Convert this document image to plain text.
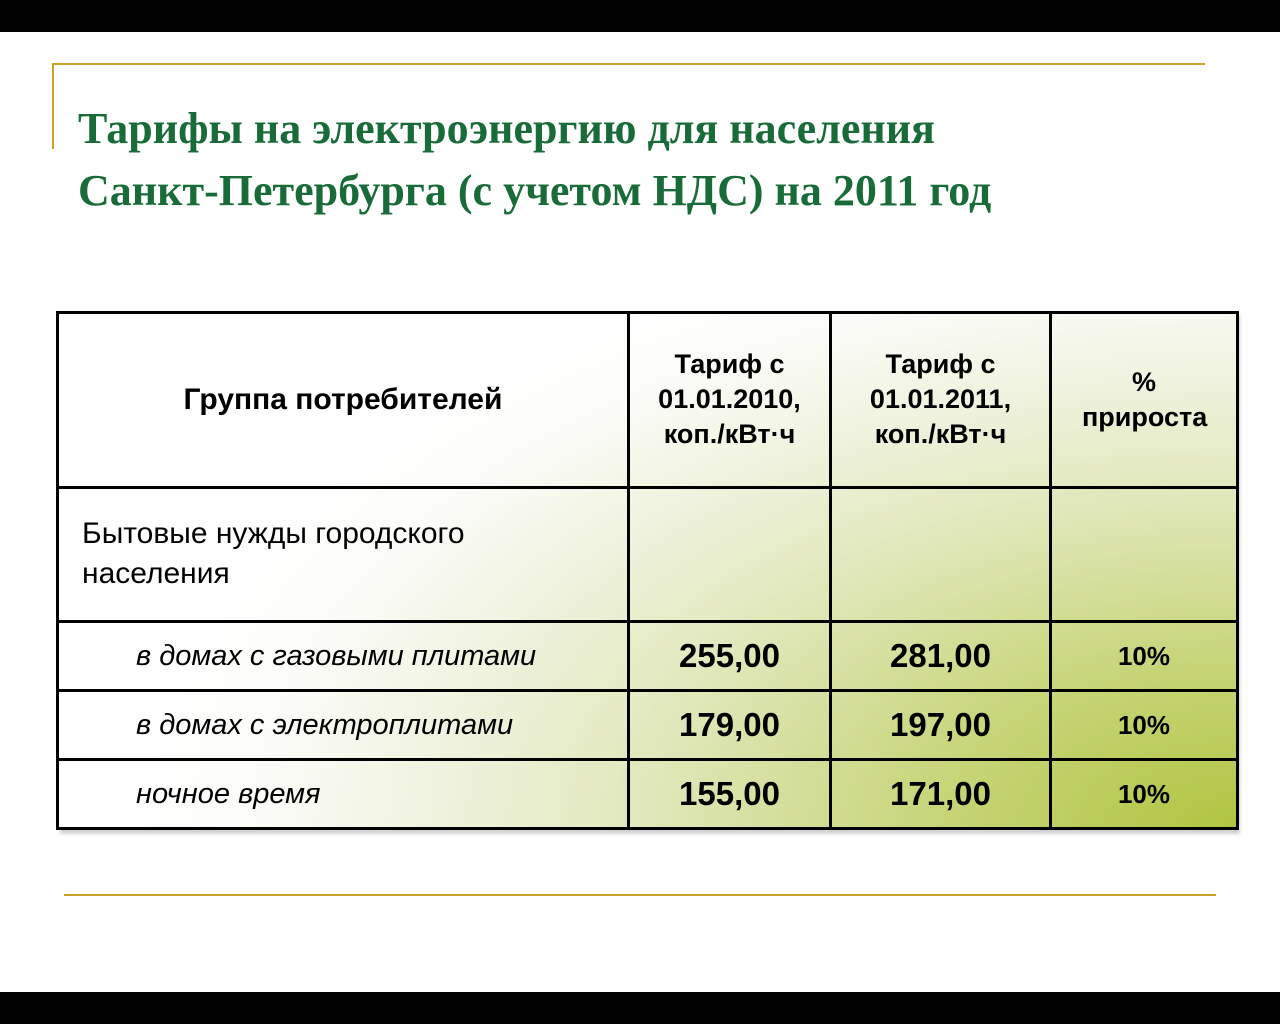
Тарифы на электроэнергию для населения
Санкт-Петербурга (с учетом НДС) на 2011 год
Группа потребителей	Тариф с 01.01.2010, коп./кВт·ч	Тариф с 01.01.2011, коп./кВт·ч	% прироста
Бытовые нужды городского населения			
в домах с газовыми плитами	255,00	281,00	10%
в домах с электроплитами	179,00	197,00	10%
ночное время	155,00	171,00	10%
